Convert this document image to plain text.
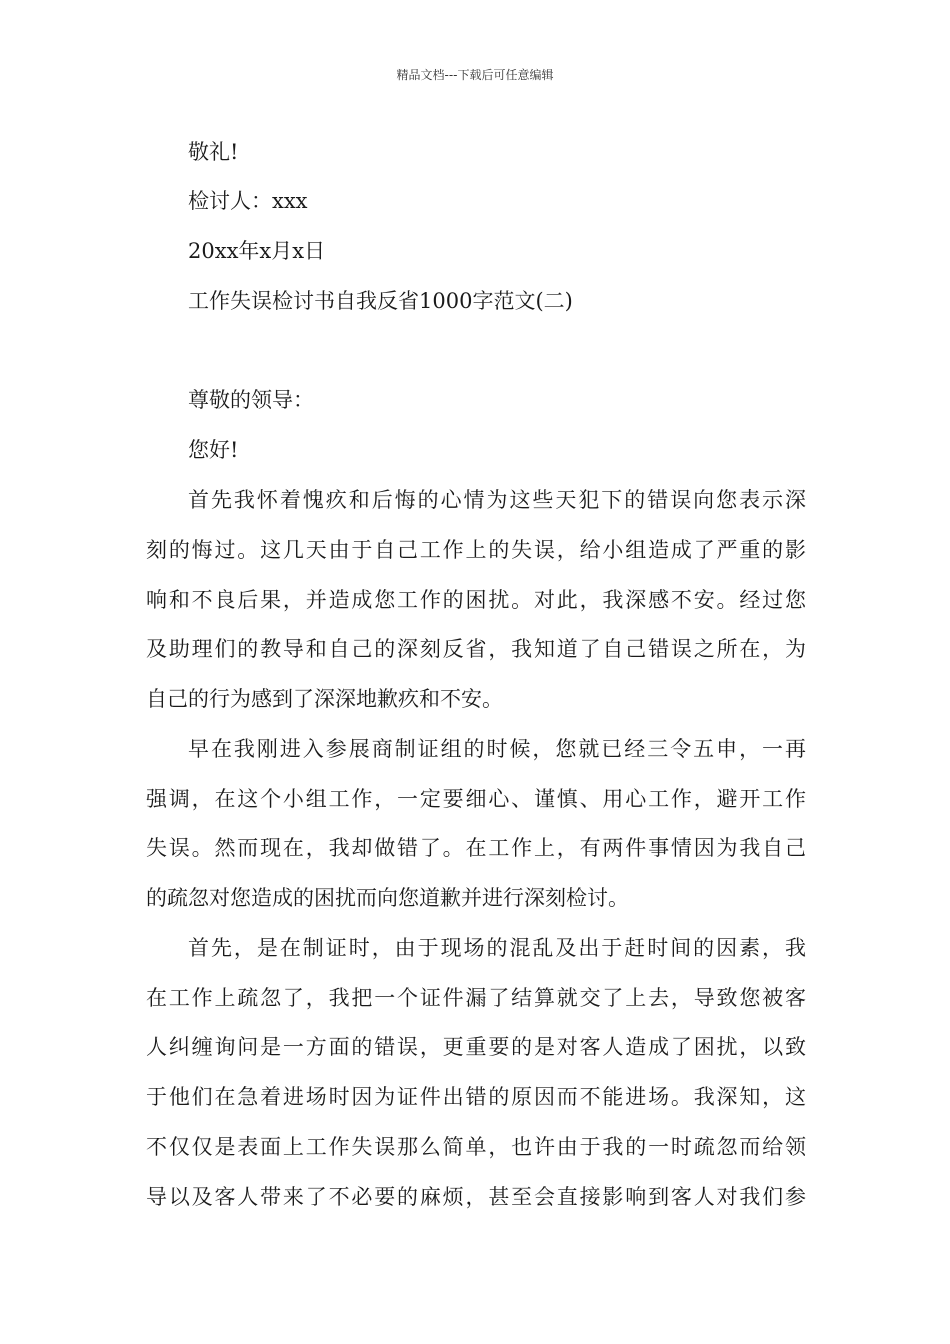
精品文档---下载后可任意编辑
敬礼!
检讨人：xxx
20xx年x月x日
工作失误检讨书自我反省1000字范文(二)
尊敬的领导：
您好!
首先我怀着愧疚和后悔的心情为这些天犯下的错误向您表示深
刻的悔过。这几天由于自己工作上的失误，给小组造成了严重的影
响和不良后果，并造成您工作的困扰。对此，我深感不安。经过您
及助理们的教导和自己的深刻反省，我知道了自己错误之所在，为
自己的行为感到了深深地歉疚和不安。
早在我刚进入参展商制证组的时候，您就已经三令五申，一再
强调，在这个小组工作，一定要细心、谨慎、用心工作，避开工作
失误。然而现在，我却做错了。在工作上，有两件事情因为我自己
的疏忽对您造成的困扰而向您道歉并进行深刻检讨。
首先，是在制证时，由于现场的混乱及出于赶时间的因素，我
在工作上疏忽了，我把一个证件漏了结算就交了上去，导致您被客
人纠缠询问是一方面的错误，更重要的是对客人造成了困扰，以致
于他们在急着进场时因为证件出错的原因而不能进场。我深知，这
不仅仅是表面上工作失误那么简单，也许由于我的一时疏忽而给领
导以及客人带来了不必要的麻烦，甚至会直接影响到客人对我们参
